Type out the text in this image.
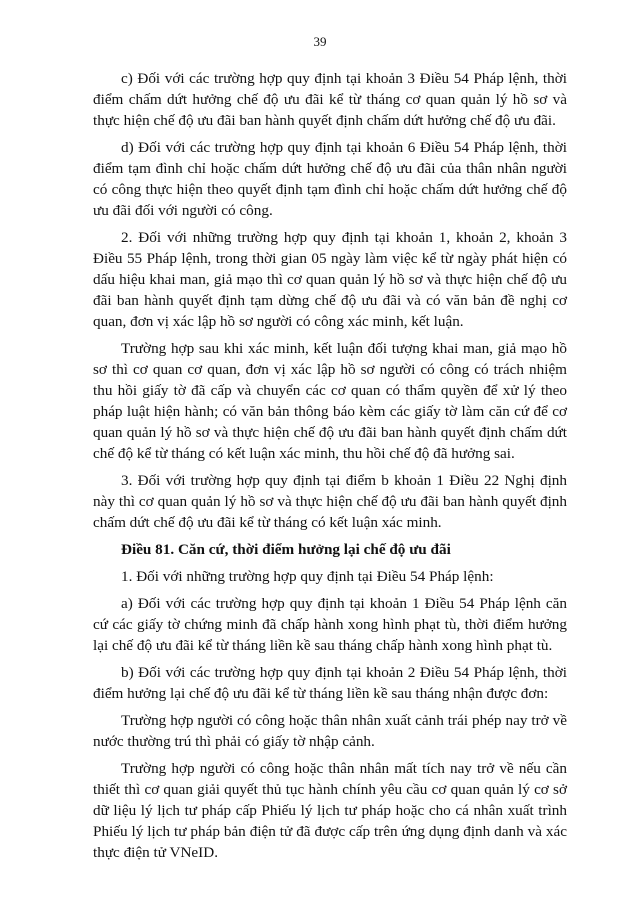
39

c) Đối với các trường hợp quy định tại khoản 3 Điều 54 Pháp lệnh, thời điểm chấm dứt hưởng chế độ ưu đãi kể từ tháng cơ quan quản lý hồ sơ và thực hiện chế độ ưu đãi ban hành quyết định chấm dứt hưởng chế độ ưu đãi.

d) Đối với các trường hợp quy định tại khoản 6 Điều 54 Pháp lệnh, thời điểm tạm đình chỉ hoặc chấm dứt hưởng chế độ ưu đãi của thân nhân người có công thực hiện theo quyết định tạm đình chỉ hoặc chấm dứt hưởng chế độ ưu đãi đối với người có công.

2. Đối với những trường hợp quy định tại khoản 1, khoản 2, khoản 3 Điều 55 Pháp lệnh, trong thời gian 05 ngày làm việc kể từ ngày phát hiện có dấu hiệu khai man, giả mạo thì cơ quan quản lý hồ sơ và thực hiện chế độ ưu đãi ban hành quyết định tạm dừng chế độ ưu đãi và có văn bản đề nghị cơ quan, đơn vị xác lập hồ sơ người có công xác minh, kết luận.

Trường hợp sau khi xác minh, kết luận đối tượng khai man, giả mạo hồ sơ thì cơ quan cơ quan, đơn vị xác lập hồ sơ người có công có trách nhiệm thu hồi giấy tờ đã cấp và chuyển các cơ quan có thẩm quyền để xử lý theo pháp luật hiện hành; có văn bản thông báo kèm các giấy tờ làm căn cứ để cơ quan quản lý hồ sơ và thực hiện chế độ ưu đãi ban hành quyết định chấm dứt chế độ kể từ tháng có kết luận xác minh, thu hồi chế độ đã hưởng sai.

3. Đối với trường hợp quy định tại điểm b khoản 1 Điều 22 Nghị định này thì cơ quan quản lý hồ sơ và thực hiện chế độ ưu đãi ban hành quyết định chấm dứt chế độ ưu đãi kể từ tháng có kết luận xác minh.

Điều 81. Căn cứ, thời điểm hưởng lại chế độ ưu đãi

1. Đối với những trường hợp quy định tại Điều 54 Pháp lệnh:

a) Đối với các trường hợp quy định tại khoản 1 Điều 54 Pháp lệnh căn cứ các giấy tờ chứng minh đã chấp hành xong hình phạt tù, thời điểm hưởng lại chế độ ưu đãi kể từ tháng liền kề sau tháng chấp hành xong hình phạt tù.

b) Đối với các trường hợp quy định tại khoản 2 Điều 54 Pháp lệnh, thời điểm hưởng lại chế độ ưu đãi kể từ tháng liền kề sau tháng nhận được đơn:

Trường hợp người có công hoặc thân nhân xuất cảnh trái phép nay trở về nước thường trú thì phải có giấy tờ nhập cảnh.

Trường hợp người có công hoặc thân nhân mất tích nay trở về nếu cần thiết thì cơ quan giải quyết thủ tục hành chính yêu cầu cơ quan quản lý cơ sở dữ liệu lý lịch tư pháp cấp Phiếu lý lịch tư pháp hoặc cho cá nhân xuất trình Phiếu lý lịch tư pháp bản điện tử đã được cấp trên ứng dụng định danh và xác thực điện tử VNeID.
